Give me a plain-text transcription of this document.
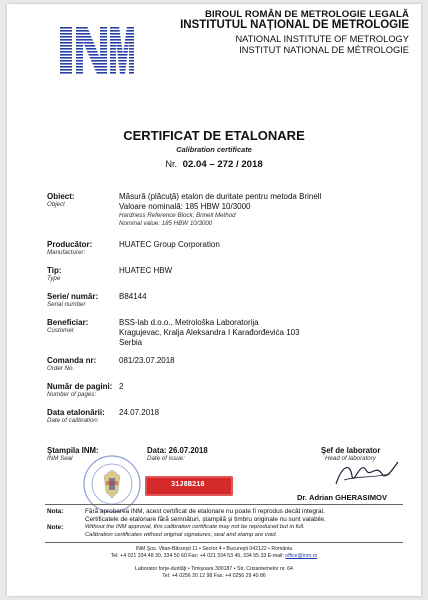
BIROUL ROMÂN DE METROLOGIE LEGALĂ
INSTITUTUL NAȚIONAL DE METROLOGIE
NATIONAL INSTITUTE OF METROLOGY
INSTITUT NATIONAL DE MÉTROLOGIE
CERTIFICAT DE ETALONARE
Calibration certificate
Nr. 02.04 – 272 / 2018
Obiect:
Object
Măsură (plăcuță) etalon de duritate pentru metoda Brinell
Valoare nominală: 185 HBW 10/3000
Hardness Reference Block, Brinell Method
Nominal value: 185 HBW 10/3000
Producător:
Manufacturer:
HUATEC Group Corporation
Tip:
Type
HUATEC HBW
Serie/ număr:
Serial number
B84144
Beneficiar:
Customer
BSS-lab d.o.o., Metrološka Laboratorija
Kragujevac, Kralja Aleksandra I Karađorđevića 103
Serbia
Comanda nr:
Order No.
081/23.07.2018
Număr de pagini:
Number of pages:
2
Data etalonării:
Date of calibration:
24.07.2018
Ştampila INM:
INM Seal
Data: 26.07.2018
Date of issue:
Şef de laborator
Head of laboratory
31J8B218
Dr. Adrian GHERASIMOV
Nota:	Fără aprobarea INM, acest certificat de etalonare nu poate fi reprodus decât integral.
Certificatele de etalonare fără semnături, ştampilă şi timbru originale nu sunt valabile.
Note:	Without the INM approval, this calibration certificate may not be reproduced but in full.
Calibration certificates without original signatures, seal and stamp are void.
INM Şos. Vitan-Bârzeşti 11 • Sector 4 • Bucureşti 042122 • România
Tel: +4 021 334 48 30, 334 50 60 Fax: +4 021 334 53 45, 334 55 33 E-mail: office@inm.ro
Laborator forţe-durităţi • Timişoara 300187 • Str. Crizantemelor nr. 64
Tel: +4 0256 20 12 98 Fax: +4 0256 29 40 86
